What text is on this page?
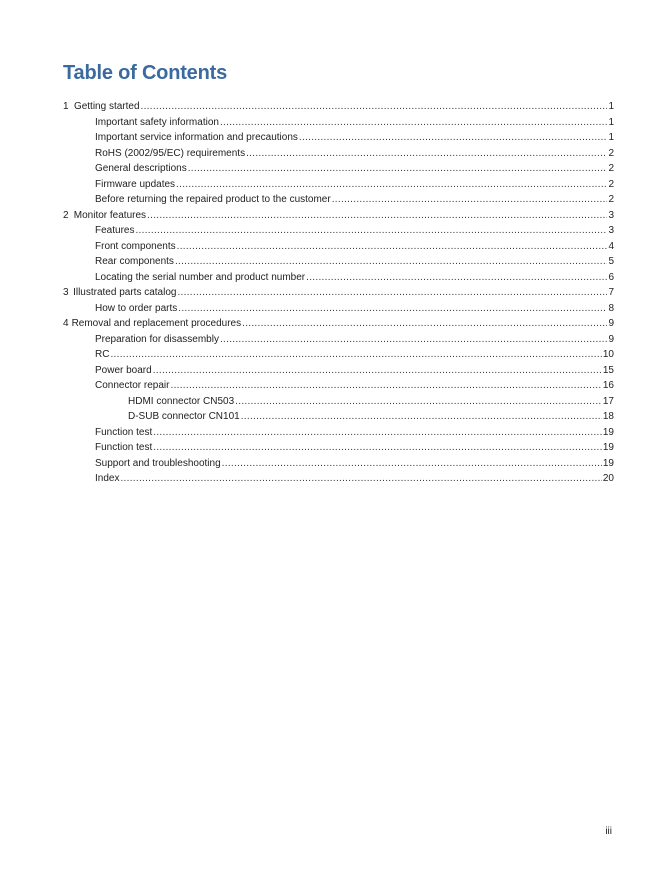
Table of Contents
1 Getting started .....	1
Important safety information .....	1
Important service information and precautions .....	1
RoHS (2002/95/EC) requirements .....	2
General descriptions .....	2
Firmware updates .....	2
Before returning the repaired product to the customer .....	2
2 Monitor features .....	3
Features .....	3
Front components .....	4
Rear components .....	5
Locating the serial number and product number .....	6
3 Illustrated parts catalog .....	7
How to order parts .....	8
4 Removal and replacement procedures .....	9
Preparation for disassembly .....	9
RC .....	10
Power board .....	15
Connector repair .....	16
HDMI connector CN503 .....	17
D-SUB connector CN101 .....	18
Function test .....	19
Function test .....	19
Support and troubleshooting .....	19
Index .....	20
iii
